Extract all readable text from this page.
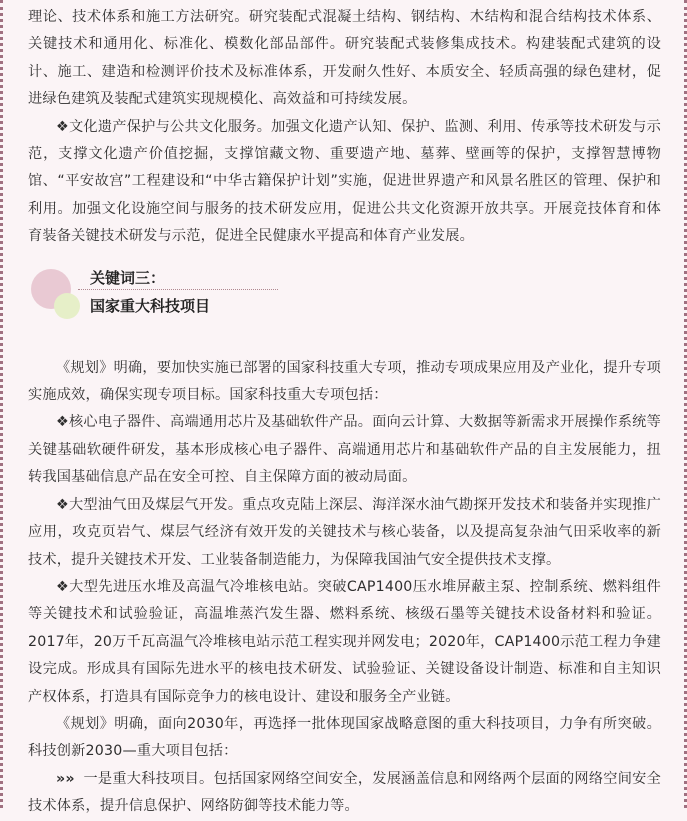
理论、技术体系和施工方法研究。研究装配式混凝土结构、钢结构、木结构和混合结构技术体系、关键技术和通用化、标准化、模数化部品部件。研究装配式装修集成技术。构建装配式建筑的设计、施工、建造和检测评价技术及标准体系，开发耐久性好、本质安全、轻质高强的绿色建材，促进绿色建筑及装配式建筑实现规模化、高效益和可持续发展。

❖文化遗产保护与公共文化服务。加强文化遗产认知、保护、监测、利用、传承等技术研发与示范，支撑文化遗产价值挖掘，支撑馆藏文物、重要遗产地、墓葬、壁画等的保护，支撑智慧博物馆、“平安故宫”工程建设和“中华古籍保护计划”实施，促进世界遗产和风景名胜区的管理、保护和利用。加强文化设施空间与服务的技术研发应用，促进公共文化资源开放共享。开展竞技体育和体育装备关键技术研发与示范，促进全民健康水平提高和体育产业发展。

关键词三：
国家重大科技项目

《规划》明确，要加快实施已部署的国家科技重大专项，推动专项成果应用及产业化，提升专项实施成效，确保实现专项目标。国家科技重大专项包括：

❖核心电子器件、高端通用芯片及基础软件产品。面向云计算、大数据等新需求开展操作系统等关键基础软硬件研发，基本形成核心电子器件、高端通用芯片和基础软件产品的自主发展能力，扭转我国基础信息产品在安全可控、自主保障方面的被动局面。

❖大型油气田及煤层气开发。重点攻克陆上深层、海洋深水油气勘探开发技术和装备并实现推广应用，攻克页岩气、煤层气经济有效开发的关键技术与核心装备，以及提高复杂油气田采收率的新技术，提升关键技术开发、工业装备制造能力，为保障我国油气安全提供技术支撑。

❖大型先进压水堆及高温气冷堆核电站。突破CAP1400压水堆屏蔽主泵、控制系统、燃料组件等关键技术和试验验证，高温堆蒸汽发生器、燃料系统、核级石墨等关键技术设备材料和验证。2017年，20万千瓦高温气冷堆核电站示范工程实现并网发电；2020年，CAP1400示范工程力争建设完成。形成具有国际先进水平的核电技术研发、试验验证、关键设备设计制造、标准和自主知识产权体系，打造具有国际竞争力的核电设计、建设和服务全产业链。

《规划》明确，面向2030年，再选择一批体现国家战略意图的重大科技项目，力争有所突破。科技创新2030—重大项目包括：

»» 一是重大科技项目。包括国家网络空间安全，发展涵盖信息和网络两个层面的网络空间安全技术体系，提升信息保护、网络防御等技术能力等。
